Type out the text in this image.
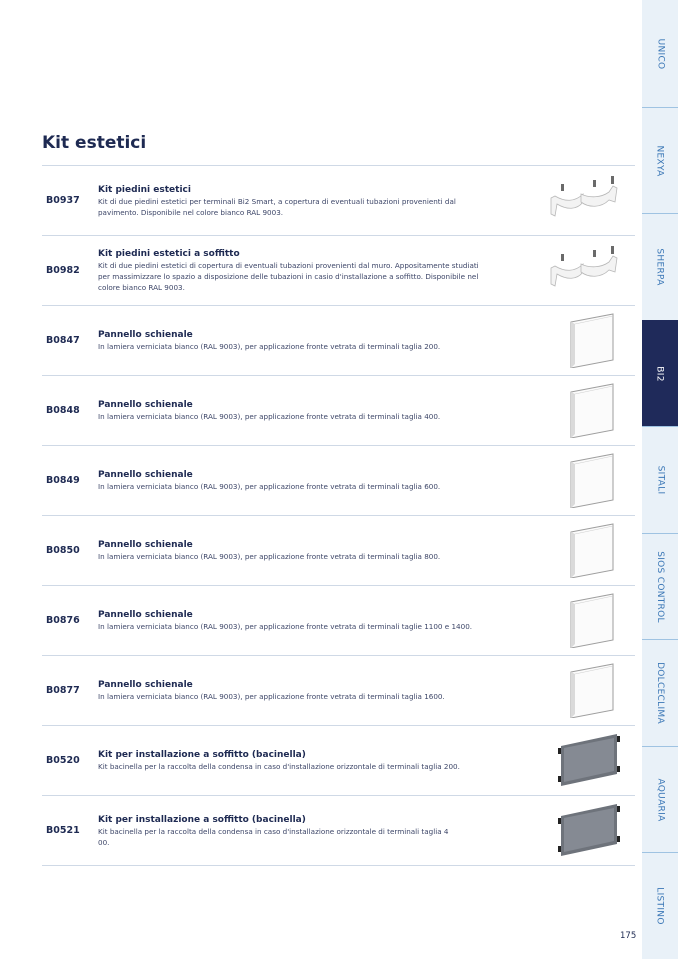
Kit estetici
B0937
Kit piedini estetici
Kit di due piedini estetici per terminali Bi2 Smart, a copertura di eventuali tubazioni provenienti dal
pavimento. Disponibile nel colore bianco RAL 9003.
B0982
Kit piedini estetici a soffitto
Kit di due piedini estetici di copertura di eventuali tubazioni provenienti dal muro. Appositamente studiati
per massimizzare lo spazio a disposizione delle tubazioni in casio d'installazione a soffitto. Disponibile nel
colore bianco RAL 9003.
B0847 Pannello schienale
In lamiera verniciata bianco (RAL 9003), per applicazione fronte vetrata di terminali taglia 200.
B0848 Pannello schienale
In lamiera verniciata bianco (RAL 9003), per applicazione fronte vetrata di terminali taglia 400.
B0849 Pannello schienale
In lamiera verniciata bianco (RAL 9003), per applicazione fronte vetrata di terminali taglia 600.
B0850 Pannello schienale
In lamiera verniciata bianco (RAL 9003), per applicazione fronte vetrata di terminali taglia 800.
B0876 Pannello schienale
In lamiera verniciata bianco (RAL 9003), per applicazione fronte vetrata di terminali taglie 1100 e 1400.
B0877 Pannello schienale
In lamiera verniciata bianco (RAL 9003), per applicazione fronte vetrata di terminali taglia 1600.
B0520 Kit per installazione a soffitto (bacinella)
Kit bacinella per la raccolta della condensa in caso d'installazione orizzontale di terminali taglia 200.
B0521
Kit per installazione a soffitto (bacinella)
Kit bacinella per la raccolta della condensa in caso d'installazione orizzontale di terminali taglia 4
00.
UNICO
NEXYA
SHERPA
BI2
SITALI
SIOS CONTROL
DOLCECLIMA
AQUARIA
LISTINO
175
